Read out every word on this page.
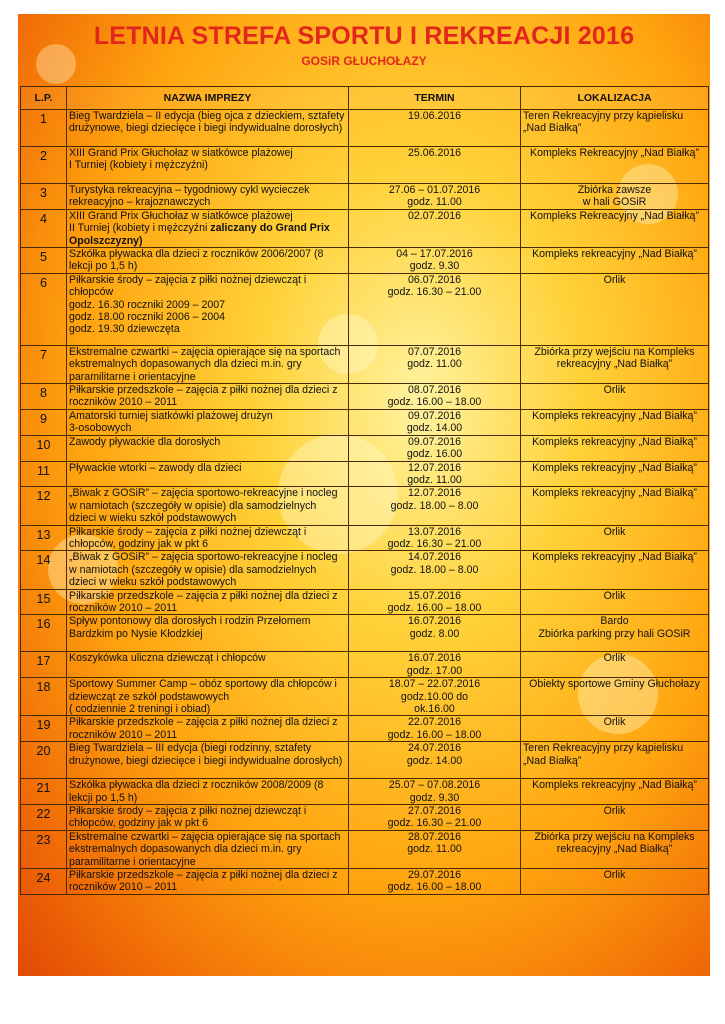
LETNIA STREFA SPORTU I REKREACJI 2016
GOSiR GŁUCHOŁAZY
L.P.	NAZWA IMPREZY	TERMIN	LOKALIZACJA
1	Bieg Twardziela – II edycja (bieg ojca z dzieckiem, sztafety drużynowe, biegi dziecięce i biegi indywidualne dorosłych)	19.06.2016	Teren Rekreacyjny przy kąpielisku „Nad Białką”
2	XIII Grand Prix Głuchołaz w siatkówce plażowej
I Turniej (kobiety i mężczyźni)	25.06.2016	Kompleks Rekreacyjny „Nad Białką”
3	Turystyka rekreacyjna – tygodniowy cykl wycieczek rekreacyjno – krajoznawczych	27.06 – 01.07.2016
godz. 11.00	Zbiórka zawsze
w hali GOSiR
4	XIII Grand Prix Głuchołaz w siatkówce plażowej
II Turniej (kobiety i mężczyźni zaliczany do Grand Prix Opolszczyzny)	02.07.2016	Kompleks Rekreacyjny „Nad Białką”
5	Szkółka pływacka dla dzieci z roczników 2006/2007 (8 lekcji po 1,5 h)	04 – 17.07.2016
godz. 9.30	Kompleks rekreacyjny „Nad Białką”
6	Piłkarskie środy – zajęcia z piłki nożnej dziewcząt i chłopców
godz. 16.30 roczniki 2009 – 2007
godz. 18.00 roczniki 2006 – 2004
godz. 19.30 dziewczęta	06.07.2016
godz. 16.30 – 21.00	Orlik
7	Ekstremalne czwartki – zajęcia opierające się na sportach ekstremalnych dopasowanych dla dzieci m.in. gry paramilitarne i orientacyjne	07.07.2016
godz. 11.00	Zbiórka przy wejściu na Kompleks rekreacyjny „Nad Białką”
8	Piłkarskie przedszkole – zajęcia z piłki nożnej dla dzieci z roczników 2010 – 2011	08.07.2016
godz. 16.00 – 18.00	Orlik
9	Amatorski turniej siatkówki plażowej drużyn
3-osobowych	09.07.2016
godz. 14.00	Kompleks rekreacyjny „Nad Białką”
10	Zawody pływackie dla dorosłych	09.07.2016
godz. 16.00	Kompleks rekreacyjny „Nad Białką”
11	Pływackie wtorki – zawody dla dzieci	12.07.2016
godz. 11.00	Kompleks rekreacyjny „Nad Białką”
12	„Biwak z GOSiR” – zajęcia sportowo-rekreacyjne i nocleg w namiotach (szczegóły w opisie) dla samodzielnych dzieci w wieku szkół podstawowych	12.07.2016
godz. 18.00 – 8.00	Kompleks rekreacyjny „Nad Białką”
13	Piłkarskie środy – zajęcia z piłki nożnej dziewcząt i chłopców, godziny jak w pkt 6	13.07.2016
godz. 16.30 – 21.00	Orlik
14	„Biwak z GOSiR” – zajęcia sportowo-rekreacyjne i nocleg w namiotach (szczegóły w opisie) dla samodzielnych dzieci w wieku szkół podstawowych	14.07.2016
godz. 18.00 – 8.00	Kompleks rekreacyjny „Nad Białką”
15	Piłkarskie przedszkole – zajęcia z piłki nożnej dla dzieci z roczników 2010 – 2011	15.07.2016
godz. 16.00 – 18.00	Orlik
16	Spływ pontonowy dla dorosłych i rodzin Przełomem Bardzkim po Nysie Kłodzkiej	16.07.2016
godz. 8.00	Bardo
Zbiórka parking przy hali GOSiR
17	Koszykówka uliczna dziewcząt i chłopców	16.07.2016
godz. 17.00	Orlik
18	Sportowy Summer Camp – obóz sportowy dla chłopców i dziewcząt ze szkół podstawowych
( codziennie 2 treningi i obiad)	18.07 – 22.07.2016
godz.10.00 do
ok.16.00	Obiekty sportowe Gminy Głuchołazy
19	Piłkarskie przedszkole – zajęcia z piłki nożnej dla dzieci z roczników 2010 – 2011	22.07.2016
godz. 16.00 – 18.00	Orlik
20	Bieg Twardziela – III edycja (biegi rodzinny, sztafety drużynowe, biegi dziecięce i biegi indywidualne dorosłych)	24.07.2016
godz. 14.00	Teren Rekreacyjny przy kąpielisku „Nad Białką”
21	Szkółka pływacka dla dzieci z roczników 2008/2009 (8 lekcji po 1,5 h)	25.07 – 07.08.2016
godz. 9.30	Kompleks rekreacyjny „Nad Białką”
22	Piłkarskie środy – zajęcia z piłki nożnej dziewcząt i chłopców, godziny jak w pkt 6	27.07.2016
godz. 16.30 – 21.00	Orlik
23	Ekstremalne czwartki – zajęcia opierające się na sportach ekstremalnych dopasowanych dla dzieci m.in. gry paramilitarne i orientacyjne	28.07.2016
godz. 11.00	Zbiórka przy wejściu na Kompleks rekreacyjny „Nad Białką”
24	Piłkarskie przedszkole – zajęcia z piłki nożnej dla dzieci z roczników 2010 – 2011	29.07.2016
godz. 16.00 – 18.00	Orlik
